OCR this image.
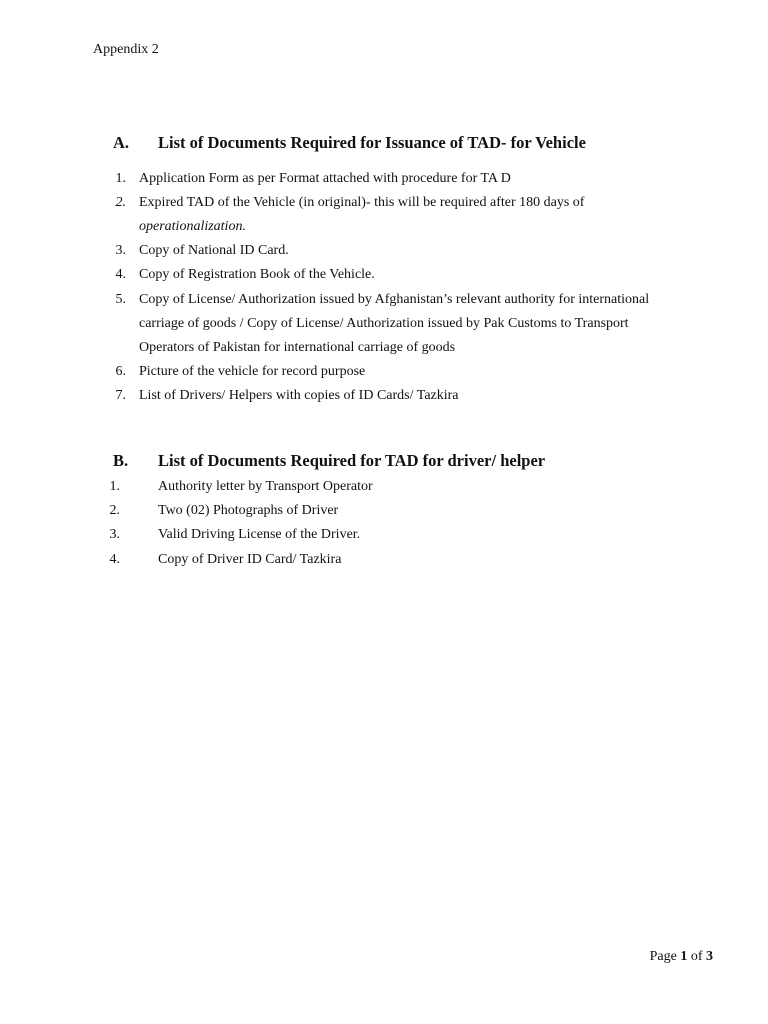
Appendix 2
A. List of Documents Required for Issuance of TAD- for Vehicle
1. Application Form as per Format attached with procedure for TA D
2. Expired TAD of the Vehicle (in original)- this will be required after 180 days of
operationalization.
3. Copy of National ID Card.
4. Copy of Registration Book of the Vehicle.
5. Copy of License/ Authorization issued by Afghanistan’s relevant authority for international
carriage of goods / Copy of License/ Authorization issued by Pak Customs to Transport
Operators of Pakistan for international carriage of goods
6. Picture of the vehicle for record purpose
7. List of Drivers/ Helpers with copies of ID Cards/ Tazkira
B. List of Documents Required for TAD for driver/ helper
1.	Authority letter by Transport Operator
2.	Two (02) Photographs of Driver
3.	Valid Driving License of the Driver.
4.	Copy of Driver ID Card/ Tazkira
Page 1 of 3
